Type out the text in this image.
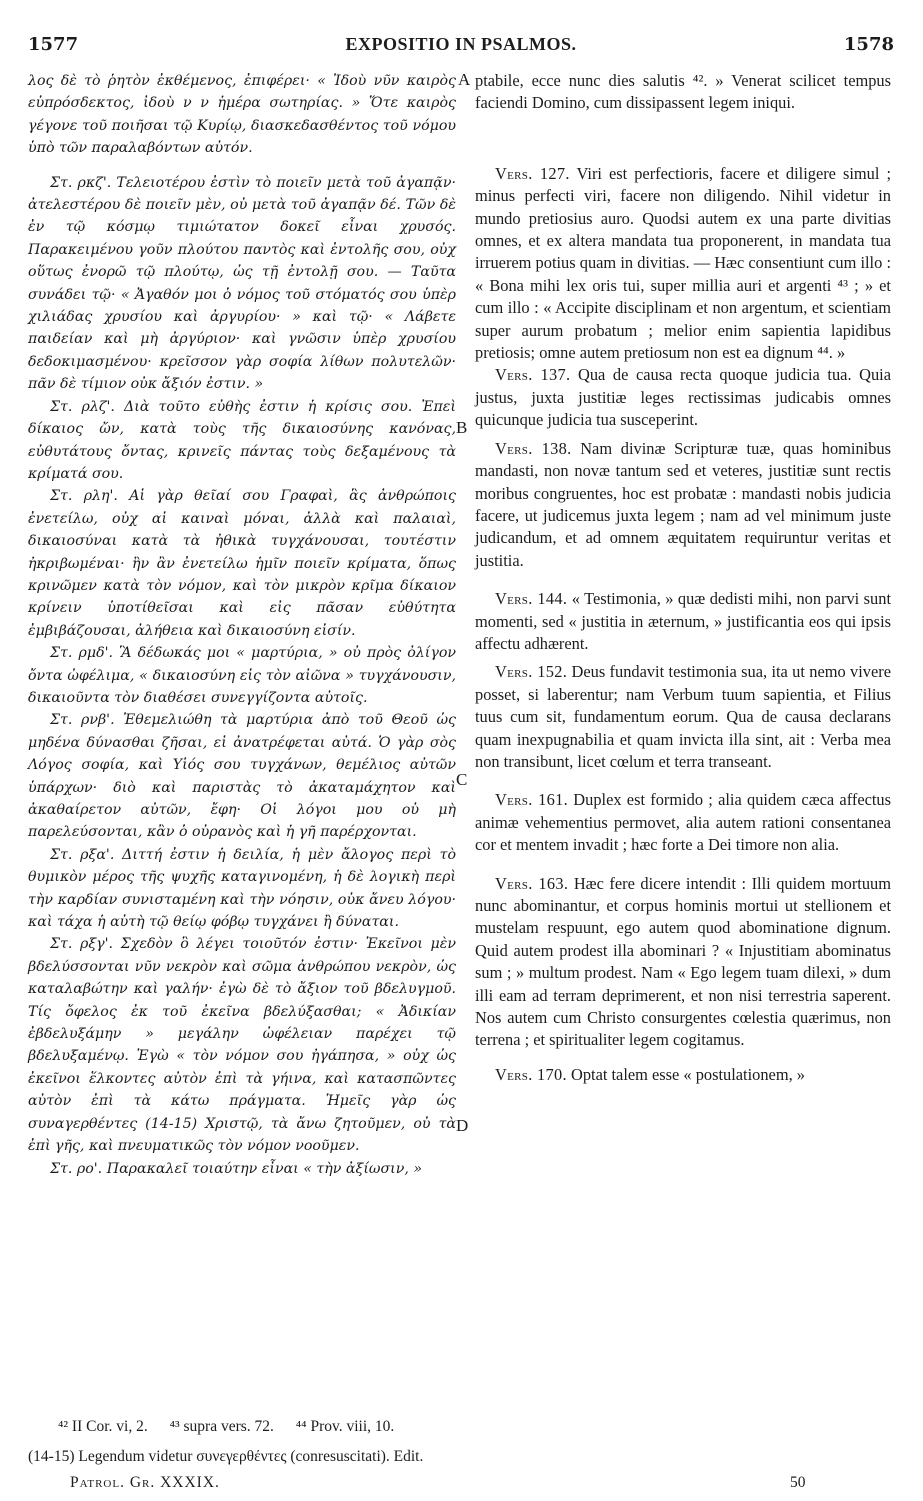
1577	EXPOSITIO IN PSALMOS.	1578
A
B
C
D

λος δὲ τὸ ῥητὸν ἐκθέμενος, ἐπιφέρει· « Ἰδοὺ νῦν καιρὸς εὐπρόσδεκτος, ἰδοὺ ν ν ἡμέρα σωτηρίας. » Ὅτε καιρὸς γέγονε τοῦ ποιῆσαι τῷ Κυρίῳ, διασκεδασθέντος τοῦ νόμου ὑπὸ τῶν παραλαβόντων αὐτόν.

Στ. ρκζ'. Τελειοτέρου ἐστὶν τὸ ποιεῖν μετὰ τοῦ ἀγαπᾷν· ἀτελεστέρου δὲ ποιεῖν μὲν, οὐ μετὰ τοῦ ἀγαπᾷν δέ. Τῶν δὲ ἐν τῷ κόσμῳ τιμιώτατον δοκεῖ εἶναι χρυσός. Παρακειμένου γοῦν πλούτου παντὸς καὶ ἐντολῆς σου, οὐχ οὕτως ἐνορῶ τῷ πλούτῳ, ὡς τῇ ἐντολῇ σου. — Ταῦτα συνάδει τῷ· « Ἀγαθόν μοι ὁ νόμος τοῦ στόματός σου ὑπὲρ χιλιάδας χρυσίου καὶ ἀργυρίου· » καὶ τῷ· « Λάβετε παιδείαν καὶ μὴ ἀργύριον· καὶ γνῶσιν ὑπὲρ χρυσίου δεδοκιμασμένου· κρεῖσσον γὰρ σοφία λίθων πολυτελῶν· πᾶν δὲ τίμιον οὐκ ἄξιόν ἐστιν. »

Στ. ρλζ'. Διὰ τοῦτο εὐθὴς ἐστιν ἡ κρίσις σου. Ἐπεὶ δίκαιος ὤν, κατὰ τοὺς τῆς δικαιοσύνης κανόνας, εὐθυτάτους ὄντας, κρινεῖς πάντας τοὺς δεξαμένους τὰ κρίματά σου.

Στ. ρλη'. Αἱ γὰρ θεῖαί σου Γραφαὶ, ἃς ἀνθρώποις ἐνετείλω, οὐχ αἱ καιναὶ μόναι, ἀλλὰ καὶ παλαιαὶ, δικαιοσύναι κατὰ τὰ ἠθικὰ τυγχάνουσαι, τουτέστιν ἠκριβωμέναι· ἣν ἂν ἐνετείλω ἡμῖν ποιεῖν κρίματα, ὅπως κρινῶμεν κατὰ τὸν νόμον, καὶ τὸν μικρὸν κρῖμα δίκαιον κρίνειν ὑποτίθεῖσαι καὶ εἰς πᾶσαν εὐθύτητα ἐμβιβάζουσαι, ἀλήθεια καὶ δικαιοσύνη εἰσίν.

Στ. ρμδ'. Ἃ δέδωκάς μοι « μαρτύρια, » οὐ πρὸς ὀλίγον ὄντα ὠφέλιμα, « δικαιοσύνη εἰς τὸν αἰῶνα » τυγχάνουσιν, δικαιοῦντα τὸν διαθέσει συνεγγίζοντα αὐτοῖς.

Στ. ρνβ'. Ἐθεμελιώθη τὰ μαρτύρια ἀπὸ τοῦ Θεοῦ ὡς μηδένα δύνασθαι ζῆσαι, εἰ ἀνατρέφεται αὐτά. Ὁ γὰρ σὸς Λόγος σοφία, καὶ Υἱός σου τυγχάνων, θεμέλιος αὐτῶν ὑπάρχων· διὸ καὶ παριστὰς τὸ ἀκαταμάχητον καὶ ἀκαθαίρετον αὐτῶν, ἔφη· Οἱ λόγοι μου οὐ μὴ παρελεύσονται, κἂν ὁ οὐρανὸς καὶ ἡ γῆ παρέρχονται.

Στ. ρξα'. Διττή ἐστιν ἡ δειλία, ἡ μὲν ἄλογος περὶ τὸ θυμικὸν μέρος τῆς ψυχῆς καταγινομένη, ἡ δὲ λογικὴ περὶ τὴν καρδίαν συνισταμένη καὶ τὴν νόησιν, οὐκ ἄνευ λόγου· καὶ τάχα ἡ αὐτὴ τῷ θείῳ φόβῳ τυγχάνει ἢ δύναται.

Στ. ρξγ'. Σχεδὸν ὃ λέγει τοιοῦτόν ἐστιν· Ἐκεῖνοι μὲν βδελύσσονται νῦν νεκρὸν καὶ σῶμα ἀνθρώπου νεκρὸν, ὡς καταλαβώτην καὶ γαλήν· ἐγὼ δὲ τὸ ἄξιον τοῦ βδελυγμοῦ. Τίς ὄφελος ἐκ τοῦ ἐκεῖνα βδελύξασθαι; « Ἀδικίαν ἐβδελυξάμην » μεγάλην ὠφέλειαν παρέχει τῷ βδελυξαμένῳ. Ἐγὼ « τὸν νόμον σου ἠγάπησα, » οὐχ ὡς ἐκεῖνοι ἕλκοντες αὐτὸν ἐπὶ τὰ γήινα, καὶ κατασπῶντες αὐτὸν ἐπὶ τὰ κάτω πράγματα. Ἡμεῖς γὰρ ὡς συναγερθέντες (14-15) Χριστῷ, τὰ ἄνω ζητοῦμεν, οὐ τὰ ἐπὶ γῆς, καὶ πνευματικῶς τὸν νόμον νοοῦμεν.

Στ. ρο'. Παρακαλεῖ τοιαύτην εἶναι « τὴν ἀξίωσιν, »

ptabile, ecce nunc dies salutis ⁴². » Venerat scilicet tempus faciendi Domino, cum dissipassent legem iniqui.

Vers. 127. Viri est perfectioris, facere et diligere simul ; minus perfecti viri, facere non diligendo. Nihil videtur in mundo pretiosius auro. Quodsi autem ex una parte divitias omnes, et ex altera mandata tua proponerent, in mandata tua irruerem potius quam in divitias. — Hæc consentiunt cum illo : « Bona mihi lex oris tui, super millia auri et argenti ⁴³ ; » et cum illo : « Accipite disciplinam et non argentum, et scientiam super aurum probatum ; melior enim sapientia lapidibus pretiosis; omne autem pretiosum non est ea dignum ⁴⁴. »

Vers. 137. Qua de causa recta quoque judicia tua. Quia justus, juxta justitiæ leges rectissimas judicabis omnes quicunque judicia tua susceperint.

Vers. 138. Nam divinæ Scripturæ tuæ, quas hominibus mandasti, non novæ tantum sed et veteres, justitiæ sunt rectis moribus congruentes, hoc est probatæ : mandasti nobis judicia facere, ut judicemus juxta legem ; nam ad vel minimum juste judicandum, et ad omnem æquitatem requiruntur veritas et justitia.

Vers. 144. « Testimonia, » quæ dedisti mihi, non parvi sunt momenti, sed « justitia in æternum, » justificantia eos qui ipsis affectu adhærent.

Vers. 152. Deus fundavit testimonia sua, ita ut nemo vivere posset, si laberentur; nam Verbum tuum sapientia, et Filius tuus cum sit, fundamentum eorum. Qua de causa declarans quam inexpugnabilia et quam invicta illa sint, ait : Verba mea non transibunt, licet cœlum et terra transeant.

Vers. 161. Duplex est formido ; alia quidem cæca affectus animæ vehementius permovet, alia autem rationi consentanea cor et mentem invadit ; hæc forte a Dei timore non alia.

Vers. 163. Hæc fere dicere intendit : Illi quidem mortuum nunc abominantur, et corpus hominis mortui ut stellionem et mustelam respuunt, ego autem quod abominatione dignum. Quid autem prodest illa abominari ? « Injustitiam abominatus sum ; » multum prodest. Nam « Ego legem tuam dilexi, » dum illi eam ad terram deprimerent, et non nisi terrestria saperent. Nos autem cum Christo consurgentes cœlestia quærimus, non terrena ; et spiritualiter legem cogitamus.

Vers. 170. Optat talem esse « postulationem, »

⁴² II Cor. vi, 2. ⁴³ supra vers. 72. ⁴⁴ Prov. viii, 10.
(14-15) Legendum videtur συνεγερθέντες (conresuscitati). Edit.
Patrol. Gr. XXXIX.	50
